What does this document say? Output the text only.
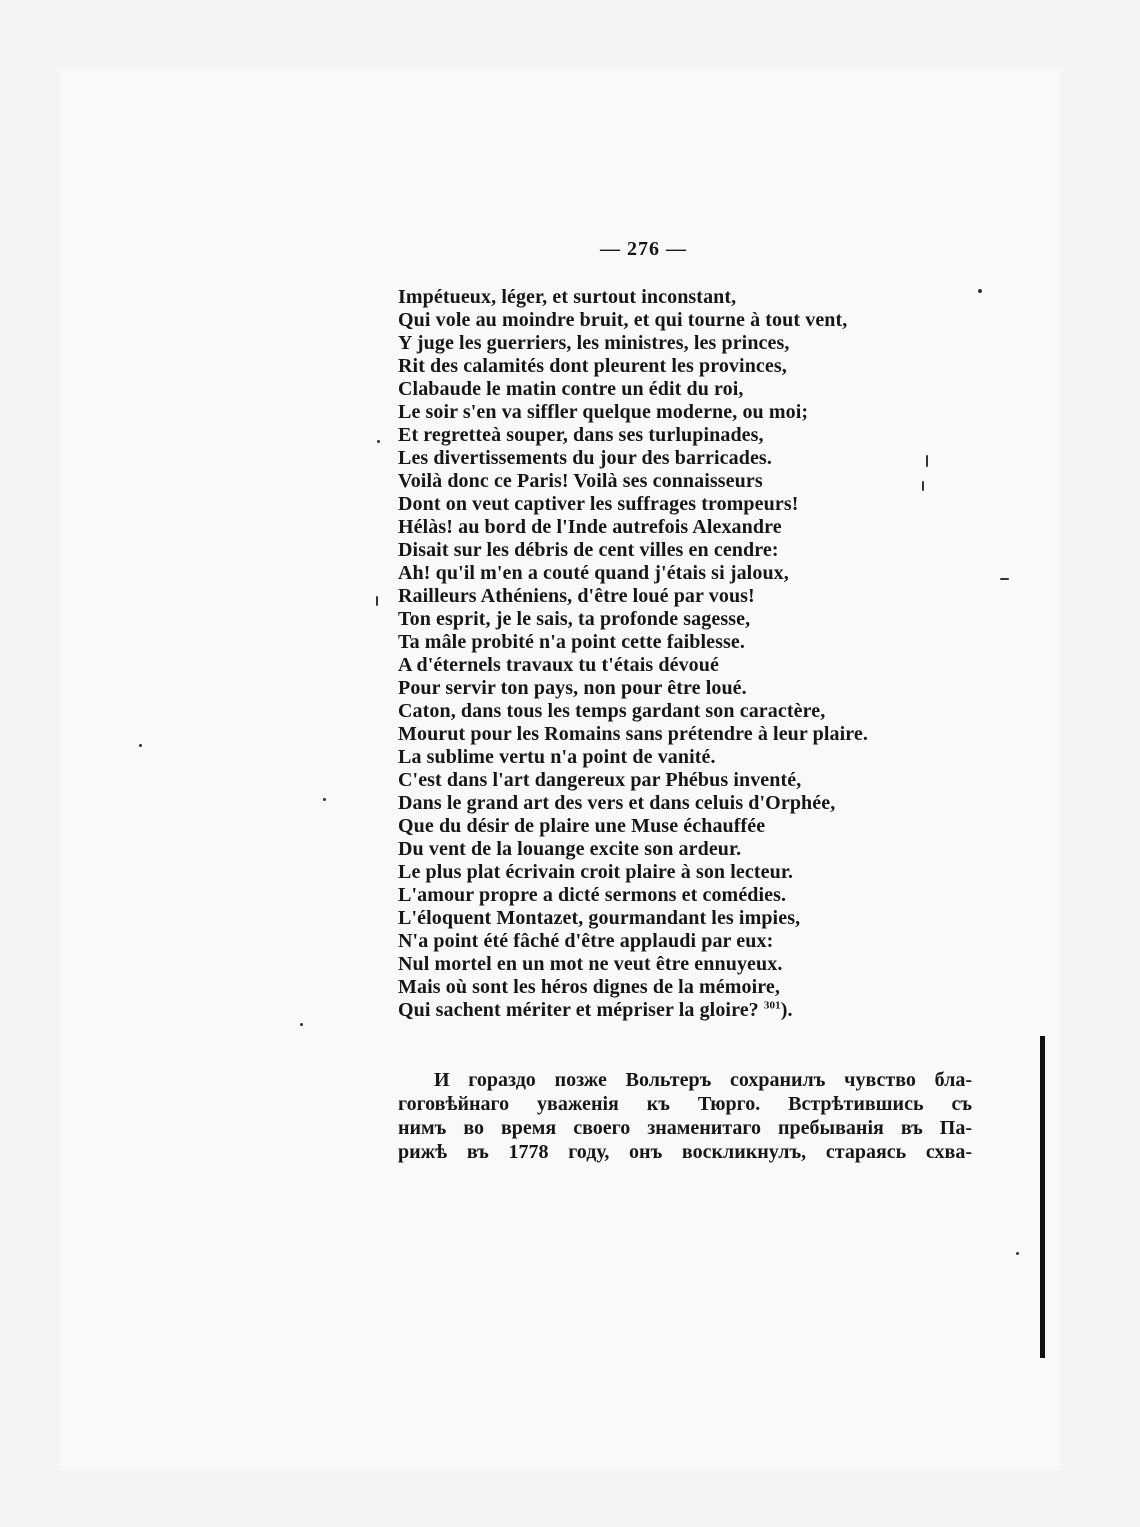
— 276 —
Impétueux, léger, et surtout inconstant,
Qui vole au moindre bruit, et qui tourne à tout vent,
Y juge les guerriers, les ministres, les princes,
Rit des calamités dont pleurent les provinces,
Clabaude le matin contre un édit du roi,
Le soir s'en va siffler quelque moderne, ou moi;
Et regretteà souper, dans ses turlupinades,
Les divertissements du jour des barricades.
Voilà donc ce Paris! Voilà ses connaisseurs
Dont on veut captiver les suffrages trompeurs!
Hélàs! au bord de l'Inde autrefois Alexandre
Disait sur les débris de cent villes en cendre:
Ah! qu'il m'en a couté quand j'étais si jaloux,
Railleurs Athéniens, d'être loué par vous!
Ton esprit, je le sais, ta profonde sagesse,
Ta mâle probité n'a point cette faiblesse.
A d'éternels travaux tu t'étais dévoué
Pour servir ton pays, non pour être loué.
Caton, dans tous les temps gardant son caractère,
Mourut pour les Romains sans prétendre à leur plaire.
La sublime vertu n'a point de vanité.
C'est dans l'art dangereux par Phébus inventé,
Dans le grand art des vers et dans celuis d'Orphée,
Que du désir de plaire une Muse échauffée
Du vent de la louange excite son ardeur.
Le plus plat écrivain croit plaire à son lecteur.
L'amour propre a dicté sermons et comédies.
L'éloquent Montazet, gourmandant les impies,
N'a point été fâché d'être applaudi par eux:
Nul mortel en un mot ne veut être ennuyeux.
Mais où sont les héros dignes de la mémoire,
Qui sachent mériter et mépriser la gloire? $^{301}$).
И гораздо позже Вольтеръ сохранилъ чувство бла-
гоговѣйнаго уваженія къ Тюрго. Встрѣтившись съ
нимъ во время своего знаменитаго пребыванія въ Па-
рижѣ въ 1778 году, онъ воскликнулъ, стараясь схва-
